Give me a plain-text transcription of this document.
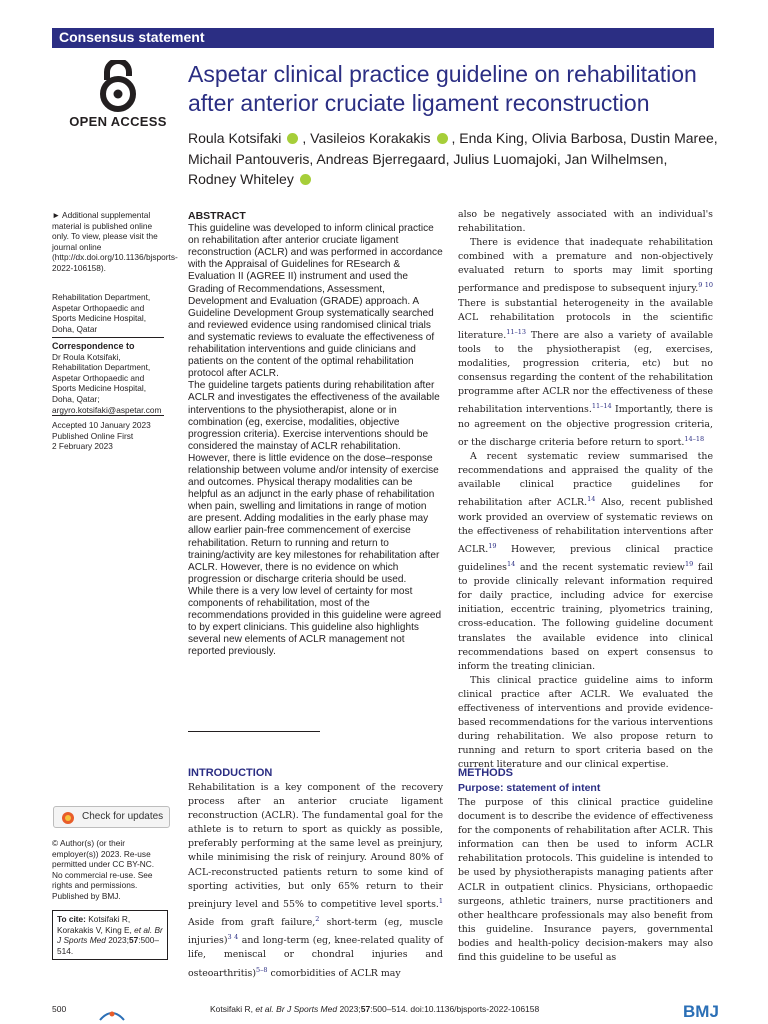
Consensus statement
OPEN ACCESS
Aspetar clinical practice guideline on rehabilitation
after anterior cruciate ligament reconstruction
Roula Kotsifaki , Vasileios Korakakis , Enda King, Olivia Barbosa, Dustin Maree,
Michail Pantouveris, Andreas Bjerregaard, Julius Luomajoki, Jan Wilhelmsen,
Rodney Whiteley
► Additional supplemental material is published online only. To view, please visit the journal online (http://dx.doi.org/10.1136/bjsports-2022-106158).
Rehabilitation Department, Aspetar Orthopaedic and Sports Medicine Hospital, Doha, Qatar
Correspondence to
Dr Roula Kotsifaki, Rehabilitation Department, Aspetar Orthopaedic and Sports Medicine Hospital, Doha, Qatar; argyro.kotsifaki@aspetar.com
Accepted 10 January 2023
Published Online First
2 February 2023
Check for updates
© Author(s) (or their employer(s)) 2023. Re-use permitted under CC BY-NC. No commercial re-use. See rights and permissions. Published by BMJ.
To cite: Kotsifaki R, Korakakis V, King E, et al. Br J Sports Med 2023;57:500–514.
ABSTRACT

This guideline was developed to inform clinical practice on rehabilitation after anterior cruciate ligament reconstruction (ACLR) and was performed in accordance with the Appraisal of Guidelines for REsearch & Evaluation II (AGREE II) instrument and used the Grading of Recommendations, Assessment, Development and Evaluation (GRADE) approach. A Guideline Development Group systematically searched and reviewed evidence using randomised clinical trials and systematic reviews to evaluate the effectiveness of rehabilitation interventions and guide clinicians and patients on the content of the optimal rehabilitation protocol after ACLR.

The guideline targets patients during rehabilitation after ACLR and investigates the effectiveness of the available interventions to the physiotherapist, alone or in combination (eg, exercise, modalities, objective progression criteria). Exercise interventions should be considered the mainstay of ACLR rehabilitation. However, there is little evidence on the dose–response relationship between volume and/or intensity of exercise and outcomes. Physical therapy modalities can be helpful as an adjunct in the early phase of rehabilitation when pain, swelling and limitations in range of motion are present. Adding modalities in the early phase may allow earlier pain-free commencement of exercise rehabilitation. Return to running and return to training/activity are key milestones for rehabilitation after ACLR. However, there is no evidence on which progression or discharge criteria should be used.

While there is a very low level of certainty for most components of rehabilitation, most of the recommendations provided in this guideline were agreed to by expert clinicians. This guideline also highlights several new elements of ACLR management not reported previously.

INTRODUCTION

Rehabilitation is a key component of the recovery process after an anterior cruciate ligament reconstruction (ACLR). The fundamental goal for the athlete is to return to sport as quickly as possible, preferably performing at the same level as preinjury, while minimising the risk of reinjury. Around 80% of ACL-reconstructed patients return to some kind of sporting activities, but only 65% return to their preinjury level and 55% to competitive level sports.$^1$ Aside from graft failure,$^2$ short-term (eg, muscle injuries)$^{3 4}$ and long-term (eg, knee-related quality of life, meniscal or chondral injuries and osteoarthritis)$^{5-8}$ comorbidities of ACLR may

also be negatively associated with an individual's rehabilitation.

There is evidence that inadequate rehabilitation combined with a premature and non-objectively evaluated return to sports may limit sporting performance and predispose to subsequent injury.$^{9 10}$ There is substantial heterogeneity in the available ACL rehabilitation protocols in the scientific literature.$^{11-13}$ There are also a variety of available tools to the physiotherapist (eg, exercises, modalities, progression criteria, etc) but no consensus regarding the content of the rehabilitation programme after ACLR nor the effectiveness of these rehabilitation interventions.$^{11-14}$ Importantly, there is no agreement on the objective progression criteria, or the discharge criteria before return to sport.$^{14-18}$

A recent systematic review summarised the recommendations and appraised the quality of the available clinical practice guidelines for rehabilitation after ACLR.$^{14}$ Also, recent published work provided an overview of systematic reviews on the effectiveness of rehabilitation interventions after ACLR.$^{19}$ However, previous clinical practice guidelines$^{14}$ and the recent systematic review$^{19}$ fail to provide clinically relevant information required for daily practice, including advice for exercise initiation, eccentric training, plyometrics training, cross-education. The following guideline document translates the available evidence into clinical recommendations based on expert consensus to inform the treating clinician.

This clinical practice guideline aims to inform clinical practice after ACLR. We evaluated the effectiveness of interventions and provide evidence-based recommendations for the various interventions during rehabilitation. We also propose return to running and return to sport criteria based on the current literature and our clinical expertise.

METHODS
Purpose: statement of intent

The purpose of this clinical practice guideline document is to describe the evidence of effectiveness for the components of rehabilitation after ACLR. This information can then be used to inform ACLR rehabilitation protocols. This guideline is intended to be used by physiotherapists managing patients after ACLR in outpatient clinics. Physicians, orthopaedic surgeons, athletic trainers, nurse practitioners and other healthcare professionals may also benefit from this guideline. Insurance payers, governmental bodies and health-policy decision-makers may also find this guideline to be useful as

500	Kotsifaki R, et al. Br J Sports Med 2023;57:500–514. doi:10.1136/bjsports-2022-106158	BMJ
